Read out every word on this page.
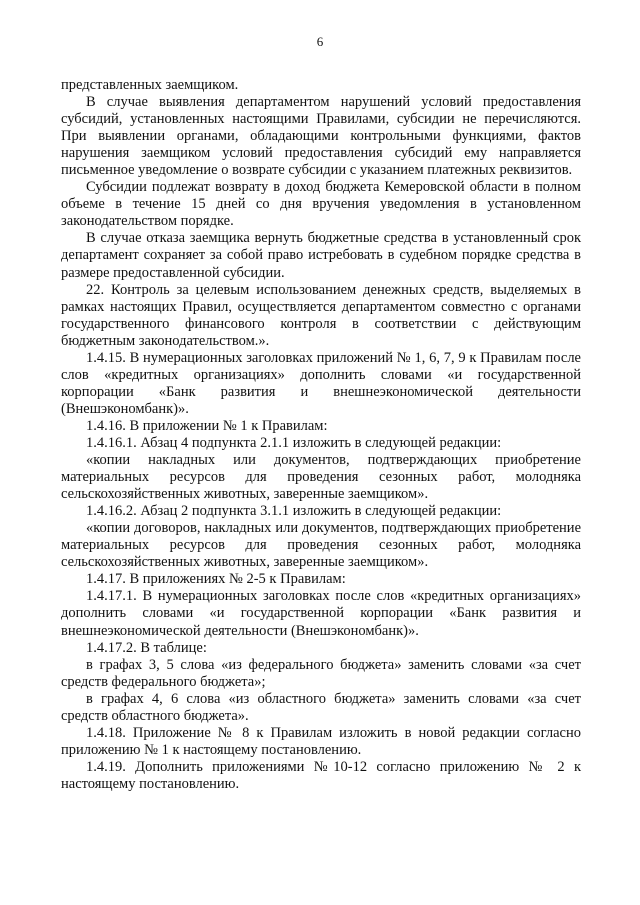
6

представленных заемщиком.

В случае выявления департаментом нарушений условий предоставления субсидий, установленных настоящими Правилами, субсидии не перечисляются. При выявлении органами, обладающими контрольными функциями, фактов нарушения заемщиком условий предоставления субсидий ему направляется письменное уведомление о возврате субсидии с указанием платежных реквизитов.

Субсидии подлежат возврату в доход бюджета Кемеровской области в полном объеме в течение 15 дней со дня вручения уведомления в установленном законодательством порядке.

В случае отказа заемщика вернуть бюджетные средства в установленный срок департамент сохраняет за собой право истребовать в судебном порядке средства в размере предоставленной субсидии.

22. Контроль за целевым использованием денежных средств, выделяемых в рамках настоящих Правил, осуществляется департаментом совместно с органами государственного финансового контроля в соответствии с действующим бюджетным законодательством.».

1.4.15. В нумерационных заголовках приложений № 1, 6, 7, 9 к Правилам после слов «кредитных организациях» дополнить словами «и государственной корпорации «Банк развития и внешнеэкономической деятельности (Внешэкономбанк)».

1.4.16. В приложении № 1 к Правилам:

1.4.16.1. Абзац 4 подпункта 2.1.1 изложить в следующей редакции:

«копии накладных или документов, подтверждающих приобретение материальных ресурсов для проведения сезонных работ, молодняка сельскохозяйственных животных, заверенные заемщиком».

1.4.16.2. Абзац 2 подпункта 3.1.1 изложить в следующей редакции:

«копии договоров, накладных или документов, подтверждающих приобретение материальных ресурсов для проведения сезонных работ, молодняка сельскохозяйственных животных, заверенные заемщиком».

1.4.17. В приложениях № 2-5 к Правилам:

1.4.17.1. В нумерационных заголовках после слов «кредитных организациях» дополнить словами «и государственной корпорации «Банк развития и внешнеэкономической деятельности (Внешэкономбанк)».

1.4.17.2. В таблице:

в графах 3, 5 слова «из федерального бюджета» заменить словами «за счет средств федерального бюджета»;

в графах 4, 6 слова «из областного бюджета» заменить словами «за счет средств областного бюджета».

1.4.18. Приложение № 8 к Правилам изложить в новой редакции согласно приложению № 1 к настоящему постановлению.

1.4.19. Дополнить приложениями №10-12 согласно приложению № 2 к настоящему постановлению.
